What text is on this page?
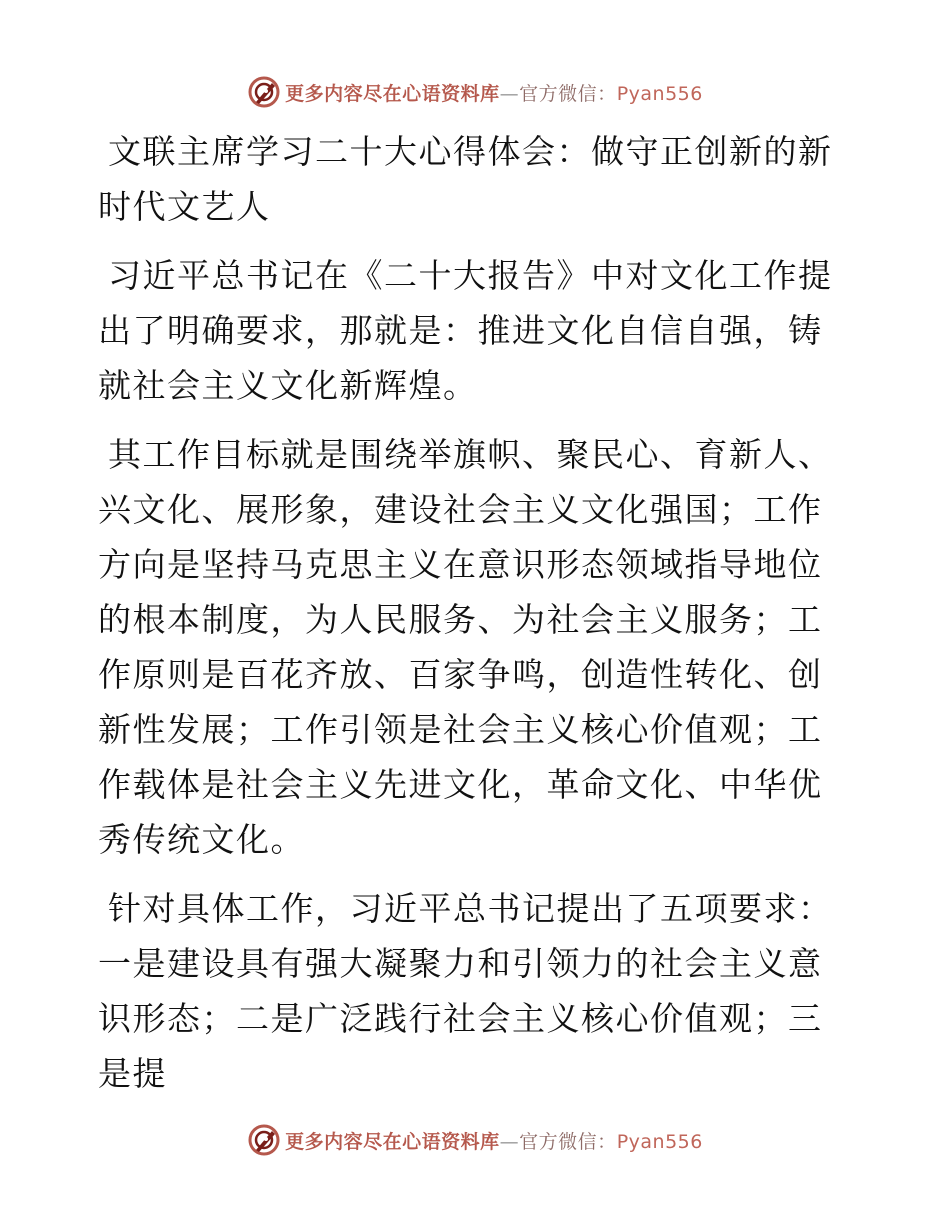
更多内容尽在心语资料库—官方微信：Pyan556

文联主席学习二十大心得体会：做守正创新的新时代文艺人

习近平总书记在《二十大报告》中对文化工作提出了明确要求，那就是：推进文化自信自强，铸就社会主义文化新辉煌。

其工作目标就是围绕举旗帜、聚民心、育新人、兴文化、展形象，建设社会主义文化强国；工作方向是坚持马克思主义在意识形态领域指导地位的根本制度，为人民服务、为社会主义服务；工作原则是百花齐放、百家争鸣，创造性转化、创新性发展；工作引领是社会主义核心价值观；工作载体是社会主义先进文化，革命文化、中华优秀传统文化。

针对具体工作，习近平总书记提出了五项要求：

一是建设具有强大凝聚力和引领力的社会主义意识形态；二是广泛践行社会主义核心价值观；三是提

更多内容尽在心语资料库—官方微信：Pyan556
